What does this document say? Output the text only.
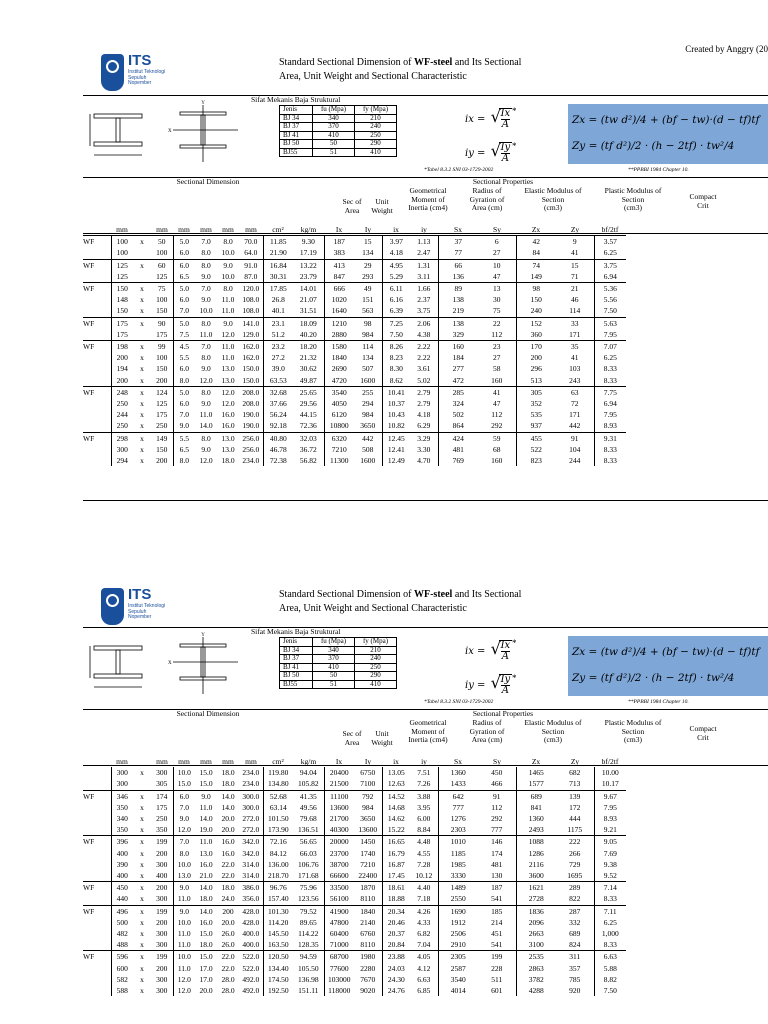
Created by Anggry (20
ITS
Institut Teknologi Sepuluh Nopember
Standard Sectional Dimension of WF-steel and Its Sectional
Area, Unit Weight and Sectional Characteristic
Y
X
Sifat Mekanis Baja Struktural
Jenis	fu (Mpa)	fy (Mpa)
BJ 34	340	210
BJ 37	370	240
BJ 41	410	250
BJ 50	50	290
BJ55	51	410
ix = √ $\frac{Ix}{A}$
iy = √ $\frac{Iy}{A}$
*
*
*Tabel 8.3.2 SNI 03-1729-2002
Zx = (tw d²)/4 + (bf − tw)·(d − tf)tf
Zy = (tf d²)/2 · (h − 2tf) · tw²/4
**PPBBI 1984 Chapter 10.
Sectional Dimension	Sectional Properties
Sec of
Area
Unit
Weight
Geometrical
Moment of
Inertia (cm4)
Radius of
Gyration of
Area (cm)
Elastic Modulus of
Section
(cm3)
Plastic Modulus of
Section
(cm3)
Compact
Crit
	mm		mm	mm	mm	mm	mm	cm²	kg/m	Ix	Iy	ix	iy	Sx	Sy	Zx	Zy	bf/2tf
WF	100	x	50	5.0	7.0	8.0	70.0	11.85	9.30	187	15	3.97	1.13	37	6	42	9	3.57
	100		100	6.0	8.0	10.0	64.0	21.90	17.19	383	134	4.18	2.47	77	27	84	41	6.25
WF	125	x	60	6.0	8.0	9.0	91.0	16.84	13.22	413	29	4.95	1.31	66	10	74	15	3.75
	125		125	6.5	9.0	10.0	87.0	30.31	23.79	847	293	5.29	3.11	136	47	149	71	6.94
WF	150	x	75	5.0	7.0	8.0	120.0	17.85	14.01	666	49	6.11	1.66	89	13	98	21	5.36
	148	x	100	6.0	9.0	11.0	108.0	26.8	21.07	1020	151	6.16	2.37	138	30	150	46	5.56
	150	x	150	7.0	10.0	11.0	108.0	40.1	31.51	1640	563	6.39	3.75	219	75	240	114	7.50
WF	175	x	90	5.0	8.0	9.0	141.0	23.1	18.09	1210	98	7.25	2.06	138	22	152	33	5.63
	175		175	7.5	11.0	12.0	129.0	51.2	40.20	2880	984	7.50	4.38	329	112	360	171	7.95
WF	198	x	99	4.5	7.0	11.0	162.0	23.2	18.20	1580	114	8.26	2.22	160	23	170	35	7.07
	200	x	100	5.5	8.0	11.0	162.0	27.2	21.32	1840	134	8.23	2.22	184	27	200	41	6.25
	194	x	150	6.0	9.0	13.0	150.0	39.0	30.62	2690	507	8.30	3.61	277	58	296	103	8.33
	200	x	200	8.0	12.0	13.0	150.0	63.53	49.87	4720	1600	8.62	5.02	472	160	513	243	8.33
WF	248	x	124	5.0	8.0	12.0	208.0	32.68	25.65	3540	255	10.41	2.79	285	41	305	63	7.75
	250	x	125	6.0	9.0	12.0	208.0	37.66	29.56	4050	294	10.37	2.79	324	47	352	72	6.94
	244	x	175	7.0	11.0	16.0	190.0	56.24	44.15	6120	984	10.43	4.18	502	112	535	171	7.95
	250	x	250	9.0	14.0	16.0	190.0	92.18	72.36	10800	3650	10.82	6.29	864	292	937	442	8.93
WF	298	x	149	5.5	8.0	13.0	256.0	40.80	32.03	6320	442	12.45	3.29	424	59	455	91	9.31
	300	x	150	6.5	9.0	13.0	256.0	46.78	36.72	7210	508	12.41	3.30	481	68	522	104	8.33
	294	x	200	8.0	12.0	18.0	234.0	72.38	56.82	11300	1600	12.49	4.70	769	160	823	244	8.33
ITS
Institut Teknologi Sepuluh Nopember
Standard Sectional Dimension of WF-steel and Its Sectional
Area, Unit Weight and Sectional Characteristic
Y
X
Sifat Mekanis Baja Struktural
Jenis	fu (Mpa)	fy (Mpa)
BJ 34	340	210
BJ 37	370	240
BJ 41	410	250
BJ 50	50	290
BJ55	51	410
ix = √ $\frac{Ix}{A}$
iy = √ $\frac{Iy}{A}$
*
*
*Tabel 8.3.2 SNI 03-1729-2002
Zx = (tw d²)/4 + (bf − tw)·(d − tf)tf
Zy = (tf d²)/2 · (h − 2tf) · tw²/4
**PPBBI 1984 Chapter 10.
Sectional Dimension	Sectional Properties
Sec of
Area
Unit
Weight
Geometrical
Moment of
Inertia (cm4)
Radius of
Gyration of
Area (cm)
Elastic Modulus of
Section
(cm3)
Plastic Modulus of
Section
(cm3)
Compact
Crit
	mm		mm	mm	mm	mm	mm	cm²	kg/m	Ix	Iy	ix	iy	Sx	Sy	Zx	Zy	bf/2tf
	300	x	300	10.0	15.0	18.0	234.0	119.80	94.04	20400	6750	13.05	7.51	1360	450	1465	682	10.00
	300		305	15.0	15.0	18.0	234.0	134.80	105.82	21500	7100	12.63	7.26	1433	466	1577	713	10.17
WF	346	x	174	6.0	9.0	14.0	300.0	52.68	41.35	11100	792	14.52	3.88	642	91	689	139	9.67
	350	x	175	7.0	11.0	14.0	300.0	63.14	49.56	13600	984	14.68	3.95	777	112	841	172	7.95
	340	x	250	9.0	14.0	20.0	272.0	101.50	79.68	21700	3650	14.62	6.00	1276	292	1360	444	8.93
	350	x	350	12.0	19.0	20.0	272.0	173.90	136.51	40300	13600	15.22	8.84	2303	777	2493	1175	9.21
WF	396	x	199	7.0	11.0	16.0	342.0	72.16	56.65	20000	1450	16.65	4.48	1010	146	1088	222	9.05
	400	x	200	8.0	13.0	16.0	342.0	84.12	66.03	23700	1740	16.79	4.55	1185	174	1286	266	7.69
	390	x	300	10.0	16.0	22.0	314.0	136.00	106.76	38700	7210	16.87	7.28	1985	481	2116	729	9.38
	400	x	400	13.0	21.0	22.0	314.0	218.70	171.68	66600	22400	17.45	10.12	3330	130	3600	1695	9.52
WF	450	x	200	9.0	14.0	18.0	386.0	96.76	75.96	33500	1870	18.61	4.40	1489	187	1621	289	7.14
	440	x	300	11.0	18.0	24.0	356.0	157.40	123.56	56100	8110	18.88	7.18	2550	541	2728	822	8.33
WF	496	x	199	9.0	14.0	200	428.0	101.30	79.52	41900	1840	20.34	4.26	1690	185	1836	287	7.11
	500	x	200	10.0	16.0	20.0	428.0	114.20	89.65	47800	2140	20.46	4.33	1912	214	2096	332	6.25
	482	x	300	11.0	15.0	26.0	400.0	145.50	114.22	60400	6760	20.37	6.82	2506	451	2663	689	1,000
	488	x	300	11.0	18.0	26.0	400.0	163.50	128.35	71000	8110	20.84	7.04	2910	541	3100	824	8.33
WF	596	x	199	10.0	15.0	22.0	522.0	120.50	94.59	68700	1980	23.88	4.05	2305	199	2535	311	6.63
	600	x	200	11.0	17.0	22.0	522.0	134.40	105.50	77600	2280	24.03	4.12	2587	228	2863	357	5.88
	582	x	300	12.0	17.0	28.0	492.0	174.50	136.98	103000	7670	24.30	6.63	3540	511	3782	785	8.82
	588	x	300	12.0	20.0	28.0	492.0	192.50	151.11	118000	9020	24.76	6.85	4014	601	4288	920	7.50
